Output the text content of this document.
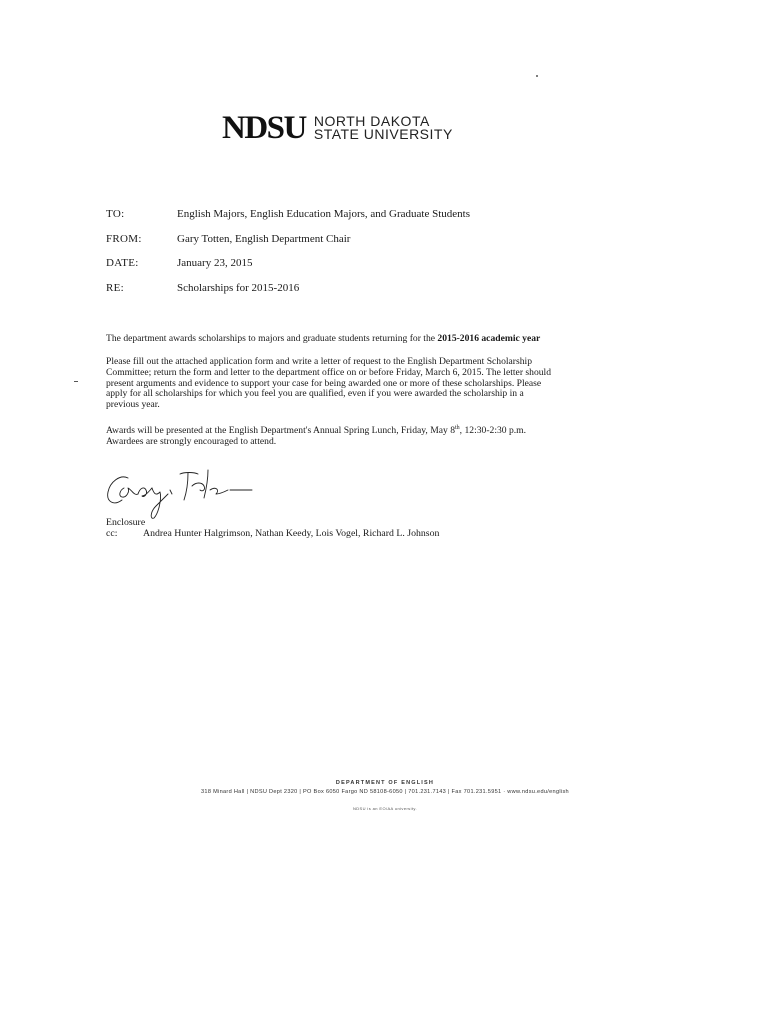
NDSU NORTH DAKOTA
STATE UNIVERSITY
TO:	English Majors, English Education Majors, and Graduate Students
FROM:	Gary Totten, English Department Chair
DATE:	January 23, 2015
RE:	Scholarships for 2015-2016
The department awards scholarships to majors and graduate students returning for the 2015-2016 academic year
Please fill out the attached application form and write a letter of request to the English Department Scholarship
Committee; return the form and letter to the department office on or before Friday, March 6, 2015. The letter should
present arguments and evidence to support your case for being awarded one or more of these scholarships. Please
apply for all scholarships for which you feel you are qualified, even if you were awarded the scholarship in a
previous year.
Awards will be presented at the English Department's Annual Spring Lunch, Friday, May 8th, 12:30-2:30 p.m.
Awardees are strongly encouraged to attend.
Enclosure
cc:	Andrea Hunter Halgrimson, Nathan Keedy, Lois Vogel, Richard L. Johnson
DEPARTMENT OF ENGLISH
318 Minard Hall | NDSU Dept 2320 | PO Box 6050 Fargo ND 58108-6050 | 701.231.7143 | Fax 701.231.5951 · www.ndsu.edu/english
NDSU is an EO/AA university.
